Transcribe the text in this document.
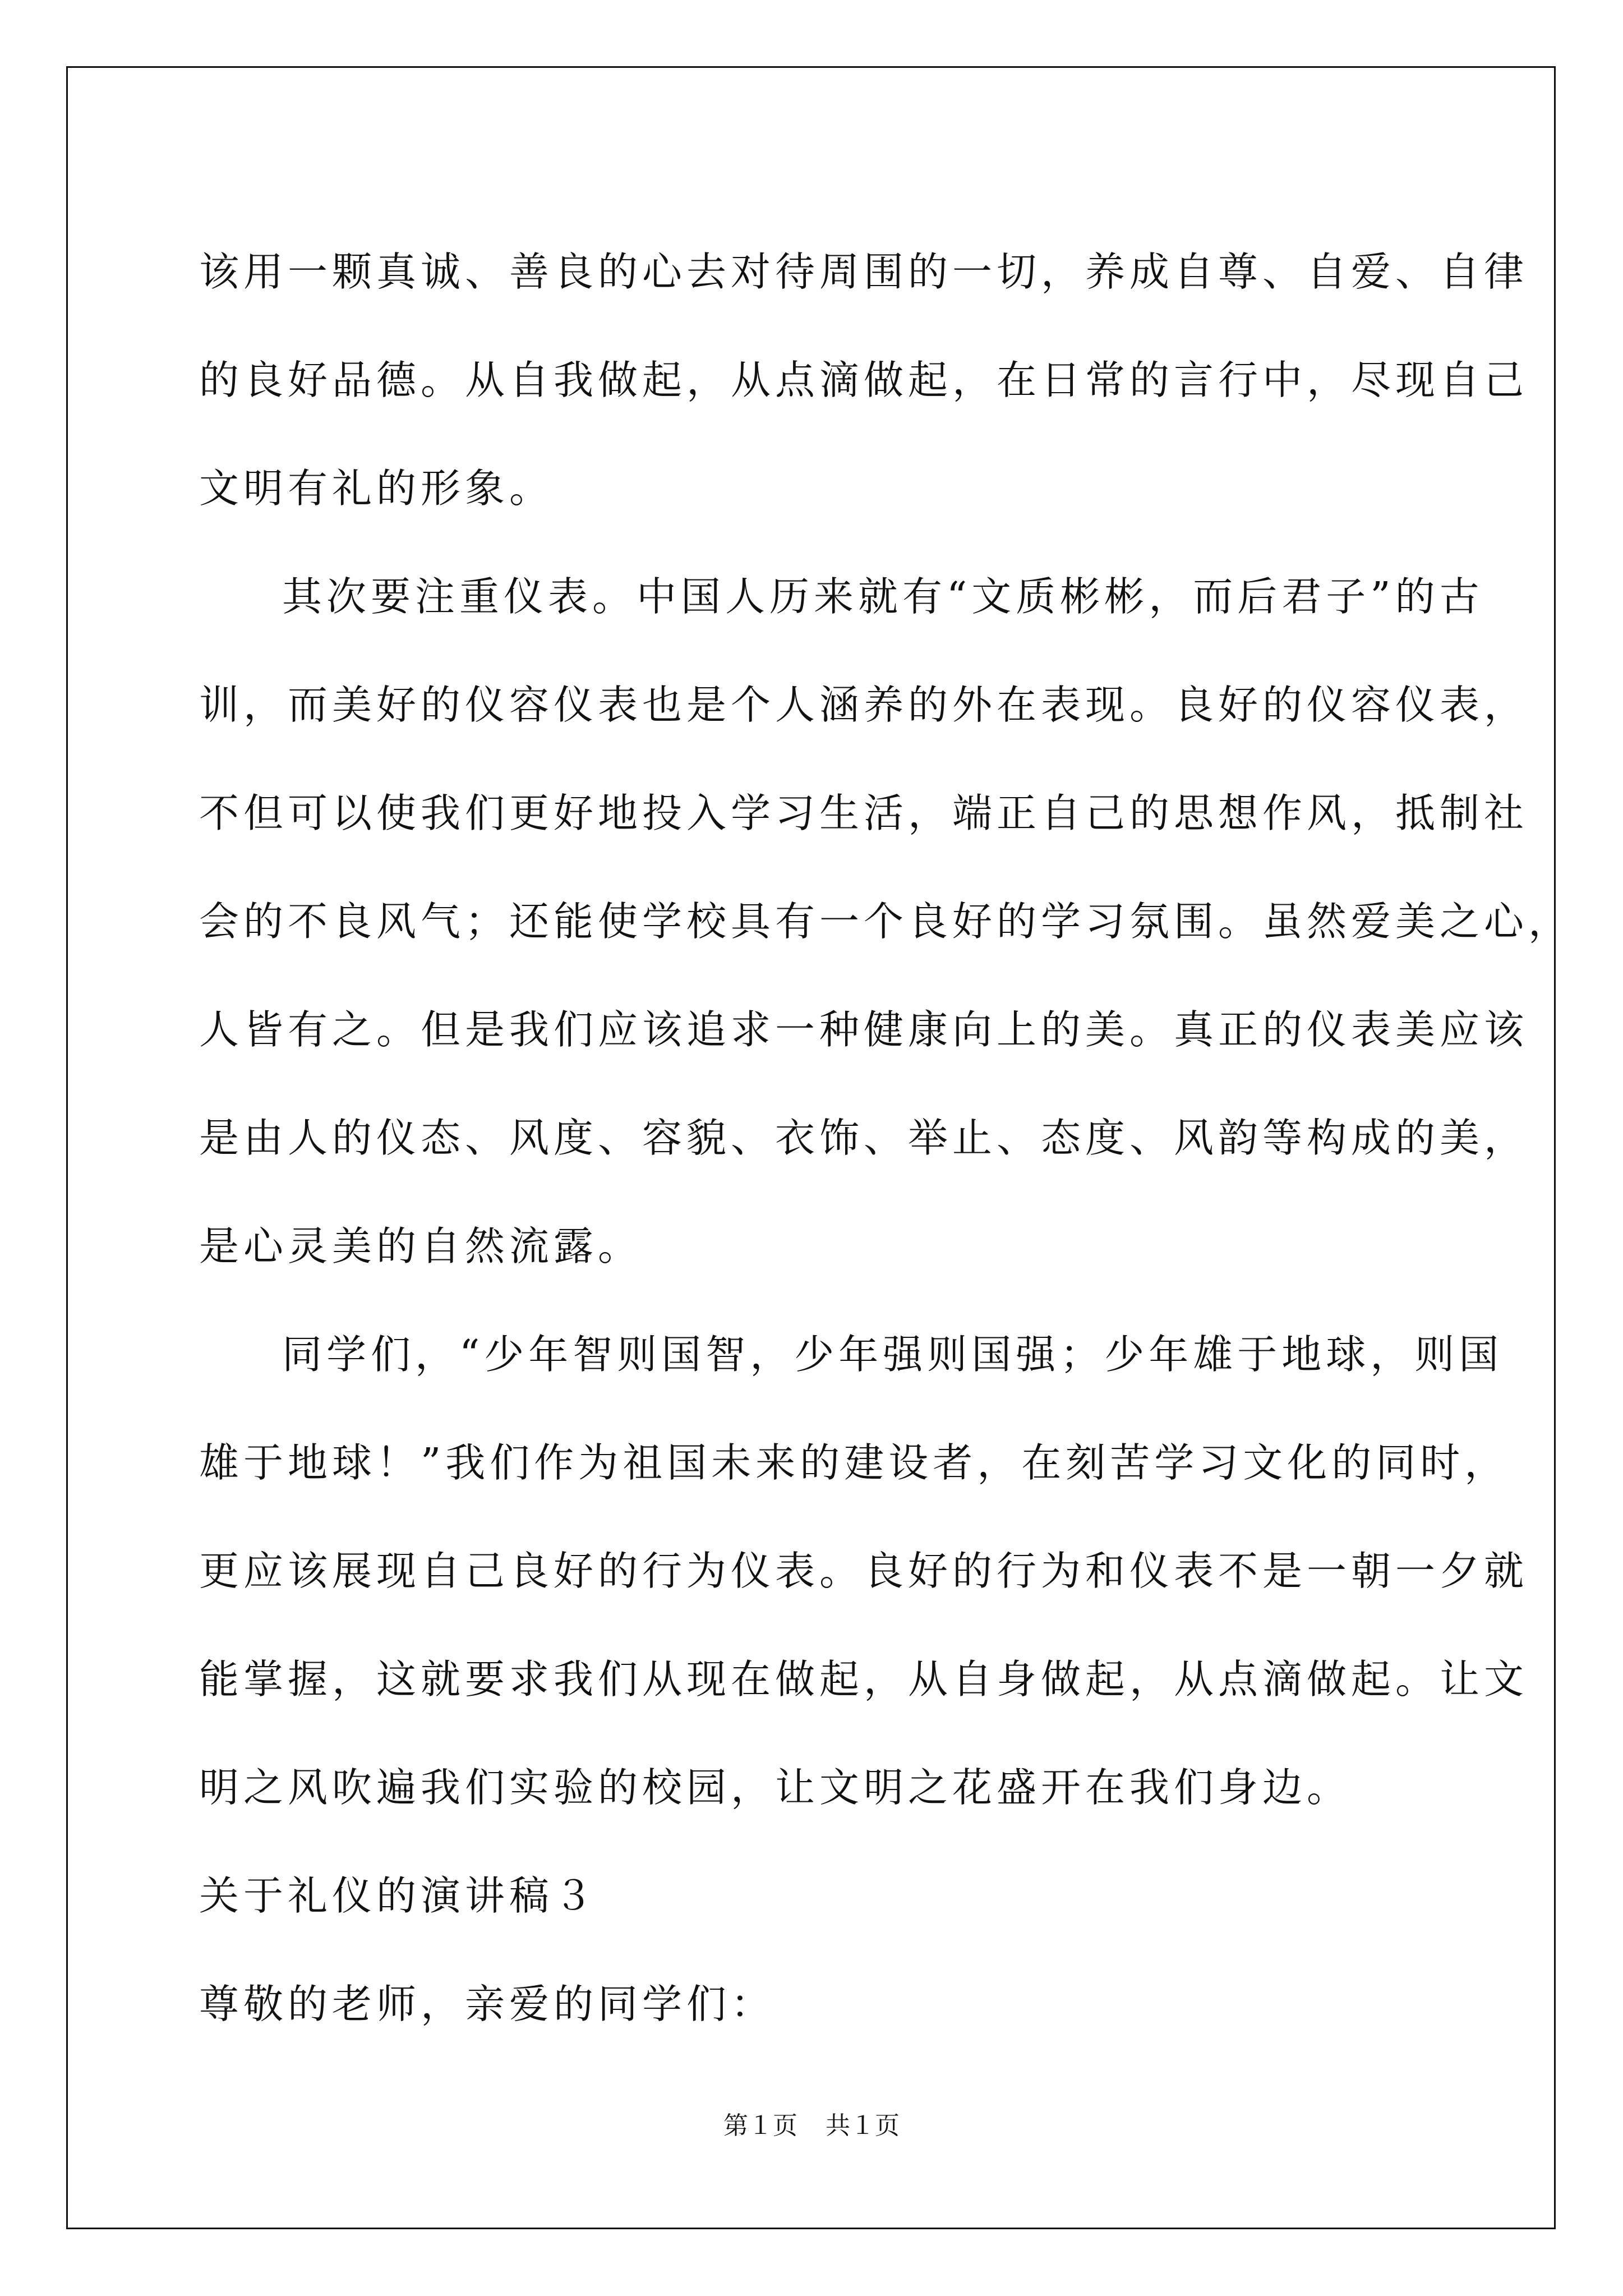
该用一颗真诚、善良的心去对待周围的一切，养成自尊、自爱、自律
的良好品德。从自我做起，从点滴做起，在日常的言行中，尽现自己
文明有礼的形象。
其次要注重仪表。中国人历来就有“文质彬彬，而后君子”的古
训，而美好的仪容仪表也是个人涵养的外在表现。良好的仪容仪表，
不但可以使我们更好地投入学习生活，端正自己的思想作风，抵制社
会的不良风气；还能使学校具有一个良好的学习氛围。虽然爱美之心，
人皆有之。但是我们应该追求一种健康向上的美。真正的仪表美应该
是由人的仪态、风度、容貌、衣饰、举止、态度、风韵等构成的美，
是心灵美的自然流露。
同学们，“少年智则国智，少年强则国强；少年雄于地球，则国
雄于地球！”我们作为祖国未来的建设者，在刻苦学习文化的同时，
更应该展现自己良好的行为仪表。良好的行为和仪表不是一朝一夕就
能掌握，这就要求我们从现在做起，从自身做起，从点滴做起。让文
明之风吹遍我们实验的校园，让文明之花盛开在我们身边。
关于礼仪的演讲稿３
尊敬的老师，亲爱的同学们：
第１页 共１页
